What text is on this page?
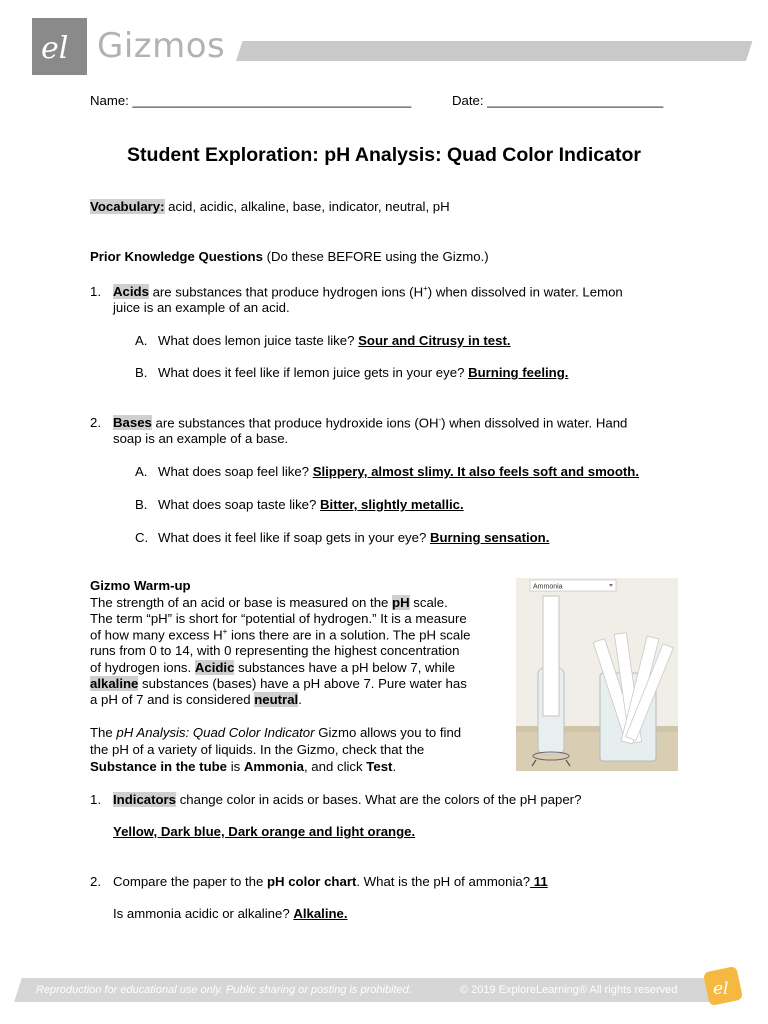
el Gizmos
Name: ______________________________________	Date: ________________________
Student Exploration: pH Analysis: Quad Color Indicator
Vocabulary: acid, acidic, alkaline, base, indicator, neutral, pH
Prior Knowledge Questions (Do these BEFORE using the Gizmo.)
1. Acids are substances that produce hydrogen ions (H+) when dissolved in water. Lemon
juice is an example of an acid.
A. What does lemon juice taste like? Sour and Citrusy in test.
B. What does it feel like if lemon juice gets in your eye? Burning feeling.
2. Bases are substances that produce hydroxide ions (OH-) when dissolved in water. Hand
soap is an example of a base.
A. What does soap feel like? Slippery, almost slimy. It also feels soft and smooth.
B. What does soap taste like? Bitter, slightly metallic.
C. What does it feel like if soap gets in your eye? Burning sensation.
Gizmo Warm-up
The strength of an acid or base is measured on the pH scale.
The term “pH” is short for “potential of hydrogen.” It is a measure
of how many excess H+ ions there are in a solution. The pH scale
runs from 0 to 14, with 0 representing the highest concentration
of hydrogen ions. Acidic substances have a pH below 7, while
alkaline substances (bases) have a pH above 7. Pure water has
a pH of 7 and is considered neutral.
The pH Analysis: Quad Color Indicator Gizmo allows you to find
the pH of a variety of liquids. In the Gizmo, check that the
Substance in the tube is Ammonia, and click Test.
Ammonia
1. Indicators change color in acids or bases. What are the colors of the pH paper?
Yellow, Dark blue, Dark orange and light orange.
2. Compare the paper to the pH color chart. What is the pH of ammonia? 11
Is ammonia acidic or alkaline? Alkaline.
Reproduction for educational use only. Public sharing or posting is prohibited.	© 2019 ExploreLearning® All rights reserved el
